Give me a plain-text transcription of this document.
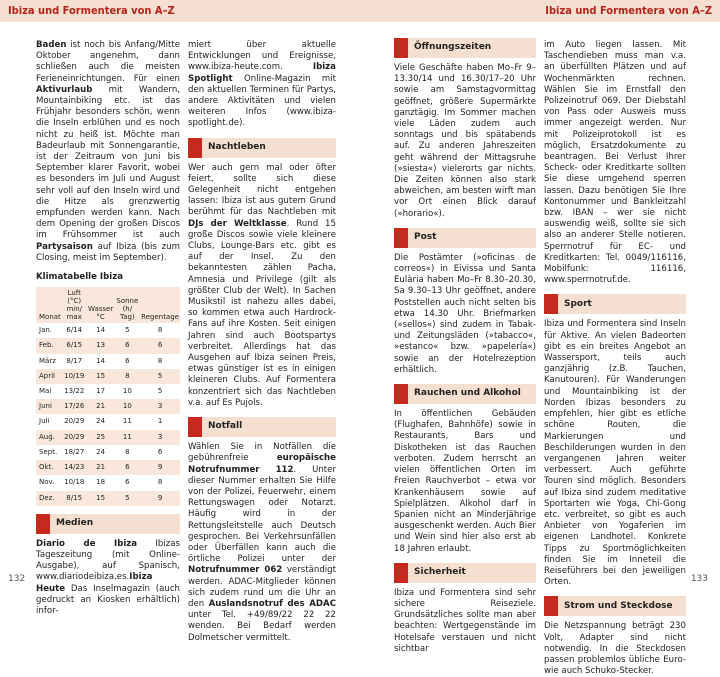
Ibiza und Formentera von A–Z

Baden ist noch bis Anfang/Mitte Oktober angenehm, dann schließen auch die meisten Ferieneinrichtungen. Für einen Aktivurlaub mit Wandern, Mountainbiking etc. ist das Frühjahr besonders schön, wenn die Inseln erblühen und es noch nicht zu heiß ist. Möchte man Badeurlaub mit Sonnengarantie, ist der Zeitraum von Juni bis September klarer Favorit, wobei es besonders im Juli und August sehr voll auf den Inseln wird und die Hitze als grenzwertig empfunden werden kann. Nach dem Opening der großen Discos im Frühsommer ist auch Partysaison auf Ibiza (bis zum Closing, meist im September).

Klimatabelle Ibiza
Monat	Luft (°C) min/ max	Wasser °C	Sonne (h/ Tag)	Regentage
Jan.	6/14	14	5	8
Feb.	6/15	13	6	6
März	8/17	14	6	8
April	10/19	15	8	5
Mai	13/22	17	10	5
Juni	17/26	21	10	3
Juli	20/29	24	11	1
Aug.	20/29	25	11	3
Sept.	18/27	24	8	6
Okt.	14/23	21	6	9
Nov.	10/18	18	6	8
Dez.	8/15	15	5	9
Medien

Diario de Ibiza Ibizas Tageszeitung (mit Online-Ausgabe), auf Spanisch, www.diariodeibiza.es.Ibiza Heute Das Inselmagazin (auch gedruckt an Kiosken erhältlich) infor-

miert über aktuelle Entwicklungen und Ereignisse, www.ibiza-heute.com. Ibiza Spotlight Online-Magazin mit den aktuellen Terminen für Partys, andere Aktivitäten und vielen weiteren Infos (www.ibiza-spotlight.de).

Nachtleben

Wer auch gern mal oder öfter feiert, sollte sich diese Gelegenheit nicht entgehen lassen: Ibiza ist aus gutem Grund berühmt für das Nachtleben mit DJs der Weltklasse. Rund 15 große Discos sowie viele kleinere Clubs, Lounge-Bars etc. gibt es auf der Insel. Zu den bekanntesten zählen Pacha, Amnesia und Privilege (gilt als größter Club der Welt). In Sachen Musikstil ist nahezu alles dabei, so kommen etwa auch Hardrock-Fans auf ihre Kosten. Seit einigen Jahren sind auch Bootspartys verbreitet. Allerdings hat das Ausgehen auf Ibiza seinen Preis, etwas günstiger ist es in einigen kleineren Clubs. Auf Formentera konzentriert sich das Nachtleben v.a. auf Es Pujols.

Notfall

Wählen Sie in Notfällen die gebührenfreie europäische Notrufnummer 112. Unter dieser Nummer erhalten Sie Hilfe von der Polizei, Feuerwehr, einem Rettungswagen oder Notarzt. Häufig wird in der Rettungsleitstelle auch Deutsch gesprochen. Bei Verkehrsunfällen oder Überfällen kann auch die örtliche Polizei unter der Notrufnummer 062 verständigt werden. ADAC-Mitglieder können sich zudem rund um die Uhr an den Auslandsnotruf des ADAC unter Tel. +49/89/22 22 22 wenden. Bei Bedarf werden Dolmetscher vermittelt.

132
Ibiza und Formentera von A–Z
Öffnungszeiten

Viele Geschäfte haben Mo–Fr 9–13.30/14 und 16.30/17–20 Uhr sowie am Samstagvormittag geöffnet, größere Supermärkte ganztägig. Im Sommer machen viele Läden zudem auch sonntags und bis spätabends auf. Zu anderen Jahreszeiten geht während der Mittagsruhe (»siesta«) vielerorts gar nichts. Die Zeiten können also stark abweichen, am besten wirft man vor Ort einen Blick darauf (»horario«).

Post

Die Postämter (»oficinas de correos«) in Eivissa und Santa Eulària haben Mo–Fr 8.30–20.30, Sa 9.30–13 Uhr geöffnet, andere Poststellen auch nicht selten bis etwa 14.30 Uhr. Briefmarken (»sellos«) sind zudem in Tabak- und Zeitungsläden (»tabacco«, »estanco« bzw. »papelería«) sowie an der Hotelrezeption erhältlich.

Rauchen und Alkohol

In öffentlichen Gebäuden (Flughafen, Bahnhöfe) sowie in Restaurants, Bars und Diskotheken ist das Rauchen verboten. Zudem herrscht an vielen öffentlichen Orten im Freien Rauchverbot – etwa vor Krankenhäusern sowie auf Spielplätzen. Alkohol darf in Spanien nicht an Minderjährige ausgeschenkt werden. Auch Bier und Wein sind hier also erst ab 18 Jahren erlaubt.

Sicherheit

Ibiza und Formentera sind sehr sichere Reiseziele. Grundsätzliches sollte man aber beachten: Wertgegenstände im Hotelsafe verstauen und nicht sichtbar

im Auto liegen lassen. Mit Taschendieben muss man v.a. an überfüllten Plätzen und auf Wochenmärkten rechnen. Wählen Sie im Ernstfall den Polizeinotruf 069. Der Diebstahl von Pass oder Ausweis muss immer angezeigt werden. Nur mit Polizeiprotokoll ist es möglich, Ersatzdokumente zu beantragen. Bei Verlust Ihrer Scheck- oder Kreditkarte sollten Sie diese umgehend sperren lassen. Dazu benötigen Sie Ihre Kontonummer und Bankleitzahl bzw. IBAN – wer sie nicht auswendig weiß, sollte sie sich also an anderer Stelle notieren. Sperrnotruf für EC- und Kreditkarten: Tel. 0049/116116, Mobilfunk: 116116, www.sperrnotruf.de.

Sport

Ibiza und Formentera sind Inseln für Aktive. An vielen Badeorten gibt es ein breites Angebot an Wassersport, teils auch ganzjährig (z.B. Tauchen, Kanutouren). Für Wanderungen und Mountainbiking ist der Norden Ibizas besonders zu empfehlen, hier gibt es etliche schöne Routen, die Markierungen und Beschilderungen wurden in den vergangenen Jahren weiter verbessert. Auch geführte Touren sind möglich. Besonders auf Ibiza sind zudem meditative Sportarten wie Yoga, Chi-Gong etc. verbreitet, so gibt es auch Anbieter von Yogaferien im eigenen Landhotel. Konkrete Tipps zu Sportmöglichkeiten finden Sie im Inneteil die Reiseführers bei den jeweiligen Orten.

Strom und Steckdose

Die Netzspannung beträgt 230 Volt, Adapter sind nicht notwendig. In die Steckdosen passen problemlos übliche Euro- wie auch Schuko-Stecker.

133
